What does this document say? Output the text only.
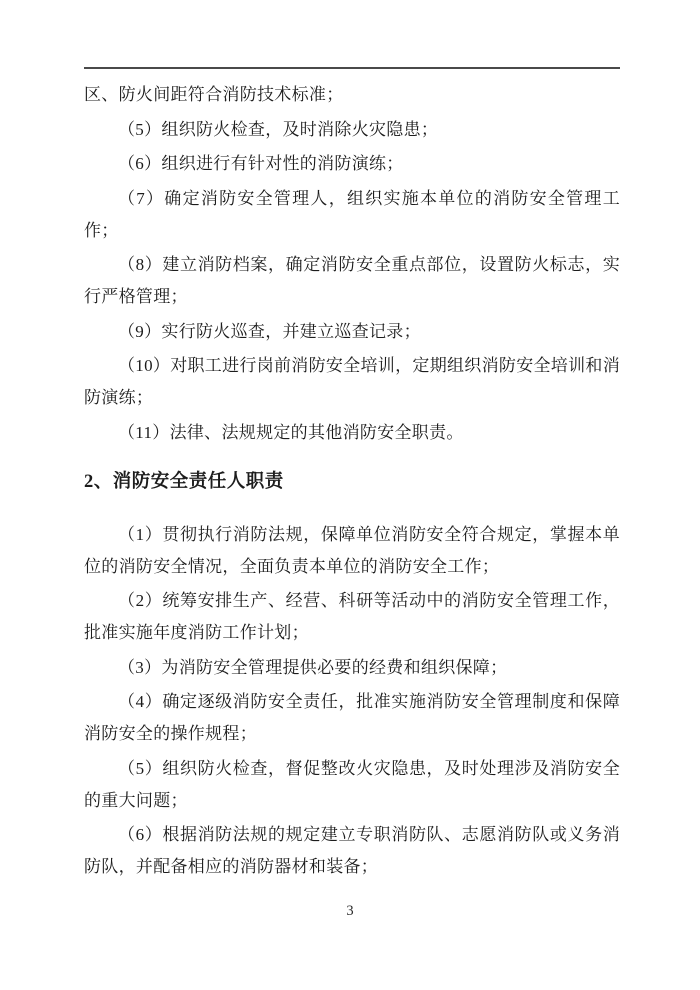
区、防火间距符合消防技术标准；

（5）组织防火检查，及时消除火灾隐患；

（6）组织进行有针对性的消防演练；

（7）确定消防安全管理人，组织实施本单位的消防安全管理工作；

（8）建立消防档案，确定消防安全重点部位，设置防火标志，实行严格管理；

（9）实行防火巡查，并建立巡查记录；

（10）对职工进行岗前消防安全培训，定期组织消防安全培训和消防演练；

（11）法律、法规规定的其他消防安全职责。

2、消防安全责任人职责

（1）贯彻执行消防法规，保障单位消防安全符合规定，掌握本单位的消防安全情况，全面负责本单位的消防安全工作；

（2）统筹安排生产、经营、科研等活动中的消防安全管理工作，批准实施年度消防工作计划；

（3）为消防安全管理提供必要的经费和组织保障；

（4）确定逐级消防安全责任，批准实施消防安全管理制度和保障消防安全的操作规程；

（5）组织防火检查，督促整改火灾隐患，及时处理涉及消防安全的重大问题；

（6）根据消防法规的规定建立专职消防队、志愿消防队或义务消防队，并配备相应的消防器材和装备；

3
